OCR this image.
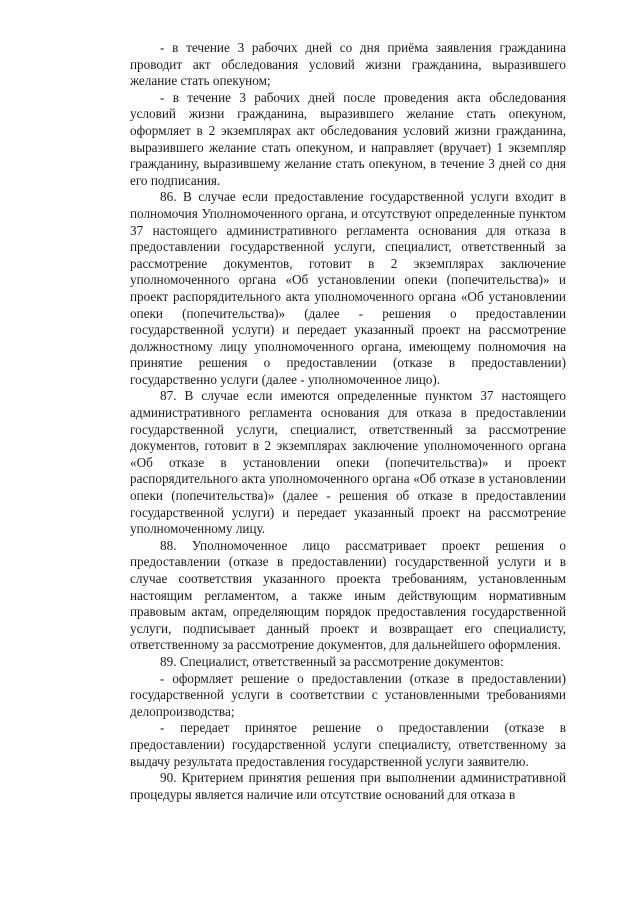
- в течение 3 рабочих дней со дня приёма заявления гражданина проводит акт обследования условий жизни гражданина, выразившего желание стать опекуном;

- в течение 3 рабочих дней после проведения акта обследования условий жизни гражданина, выразившего желание стать опекуном, оформляет в 2 экземплярах акт обследования условий жизни гражданина, выразившего желание стать опекуном, и направляет (вручает) 1 экземпляр гражданину, выразившему желание стать опекуном, в течение 3 дней со дня его подписания.

86. В случае если предоставление государственной услуги входит в полномочия Уполномоченного органа, и отсутствуют определенные пунктом 37 настоящего административного регламента основания для отказа в предоставлении государственной услуги, специалист, ответственный за рассмотрение документов, готовит в 2 экземплярах заключение уполномоченного органа «Об установлении опеки (попечительства)» и проект распорядительного акта уполномоченного органа «Об установлении опеки (попечительства)» (далее - решения о предоставлении государственной услуги) и передает указанный проект на рассмотрение должностному лицу уполномоченного органа, имеющему полномочия на принятие решения о предоставлении (отказе в предоставлении) государственно услуги (далее - уполномоченное лицо).

87. В случае если имеются определенные пунктом 37 настоящего административного регламента основания для отказа в предоставлении государственной услуги, специалист, ответственный за рассмотрение документов, готовит в 2 экземплярах заключение уполномоченного органа «Об отказе в установлении опеки (попечительства)» и проект распорядительного акта уполномоченного органа «Об отказе в установлении опеки (попечительства)» (далее - решения об отказе в предоставлении государственной услуги) и передает указанный проект на рассмотрение уполномоченному лицу.

88. Уполномоченное лицо рассматривает проект решения о предоставлении (отказе в предоставлении) государственной услуги и в случае соответствия указанного проекта требованиям, установленным настоящим регламентом, а также иным действующим нормативным правовым актам, определяющим порядок предоставления государственной услуги, подписывает данный проект и возвращает его специалисту, ответственному за рассмотрение документов, для дальнейшего оформления.

89. Специалист, ответственный за рассмотрение документов:

- оформляет решение о предоставлении (отказе в предоставлении) государственной услуги в соответствии с установленными требованиями делопроизводства;

- передает принятое решение о предоставлении (отказе в предоставлении) государственной услуги специалисту, ответственному за выдачу результата предоставления государственной услуги заявителю.

90. Критерием принятия решения при выполнении административной процедуры является наличие или отсутствие оснований для отказа в
